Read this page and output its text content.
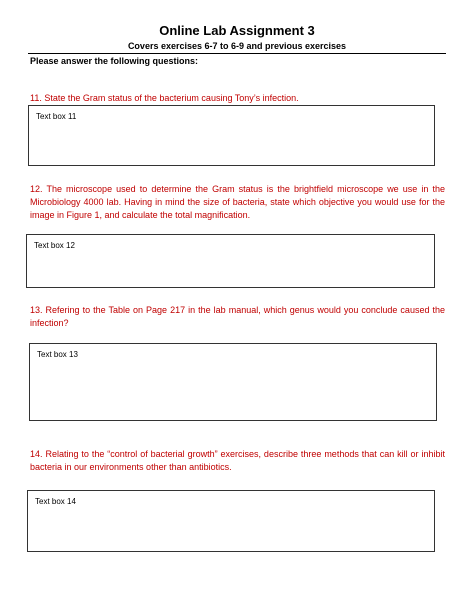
Online Lab Assignment 3
Covers exercises 6-7 to 6-9 and previous exercises
Please answer the following questions:
11. State the Gram status of the bacterium causing Tony’s infection.
Text box 11
12. The microscope used to determine the Gram status is the brightfield microscope we use in the Microbiology 4000 lab. Having in mind the size of bacteria, state which objective you would use for the image in Figure 1, and calculate the total magnification.
Text box 12
13. Refering to the Table on Page 217 in the lab manual, which genus would you conclude caused the infection?
Text box 13
14. Relating to the “control of bacterial growth” exercises, describe three methods that can kill or inhibit bacteria in our environments other than antibiotics.
Text box 14
